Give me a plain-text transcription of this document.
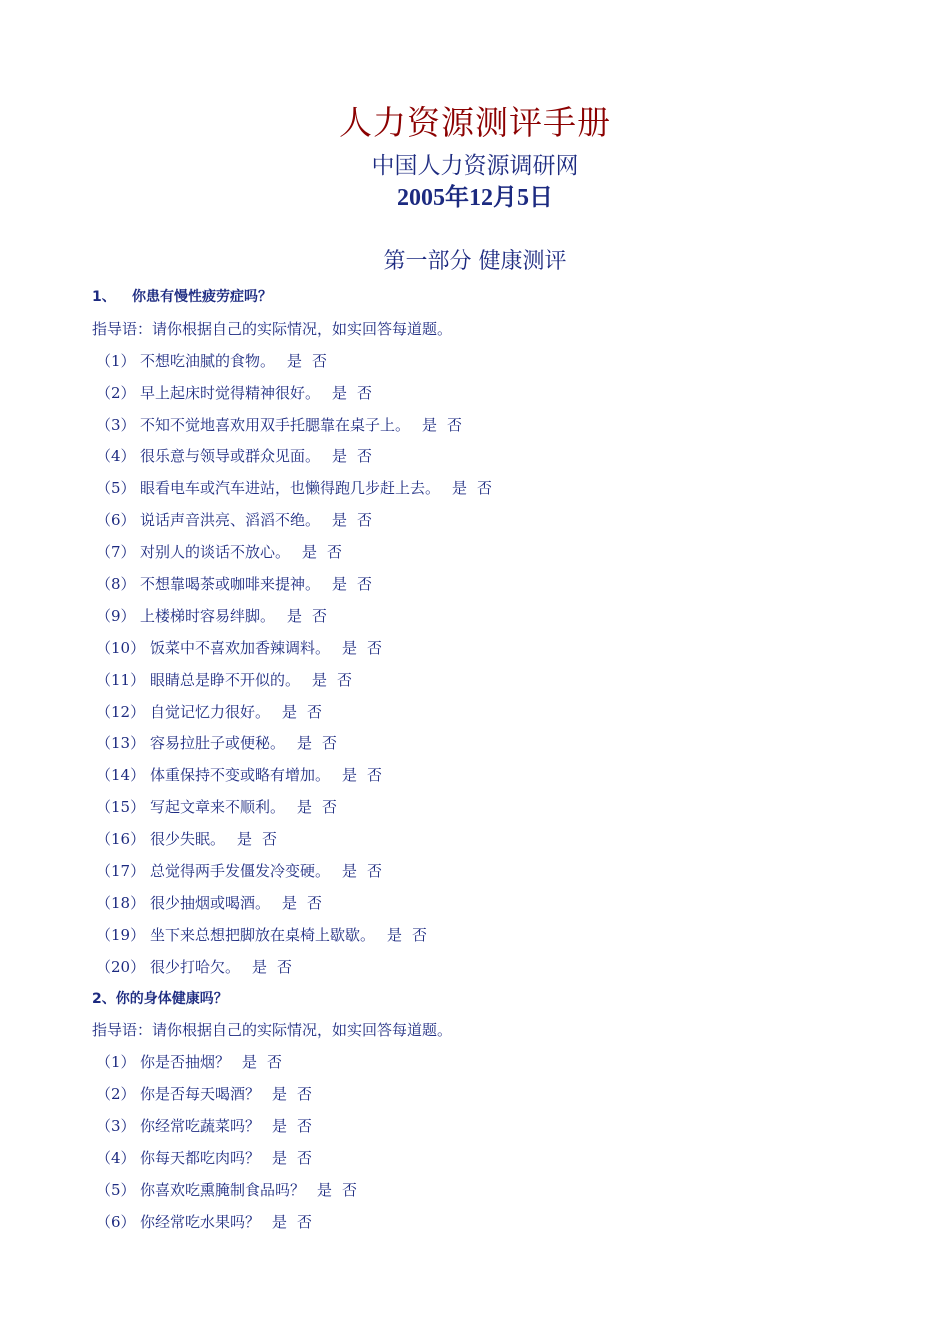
人力资源测评手册
中国人力资源调研网
2005年12月5日
第一部分 健康测评
1、 你患有慢性疲劳症吗？
指导语：请你根据自己的实际情况，如实回答每道题。
（1） 不想吃油腻的食物。 是 否
（2） 早上起床时觉得精神很好。 是 否
（3） 不知不觉地喜欢用双手托腮靠在桌子上。 是 否
（4） 很乐意与领导或群众见面。 是 否
（5） 眼看电车或汽车进站，也懒得跑几步赶上去。 是 否
（6） 说话声音洪亮、滔滔不绝。 是 否
（7） 对别人的谈话不放心。 是 否
（8） 不想靠喝茶或咖啡来提神。 是 否
（9） 上楼梯时容易绊脚。 是 否
（10） 饭菜中不喜欢加香辣调料。 是 否
（11） 眼睛总是睁不开似的。 是 否
（12） 自觉记忆力很好。 是 否
（13） 容易拉肚子或便秘。 是 否
（14） 体重保持不变或略有增加。 是 否
（15） 写起文章来不顺利。 是 否
（16） 很少失眠。 是 否
（17） 总觉得两手发僵发冷变硬。 是 否
（18） 很少抽烟或喝酒。 是 否
（19） 坐下来总想把脚放在桌椅上歇歇。 是 否
（20） 很少打哈欠。 是 否
2、你的身体健康吗？
指导语：请你根据自己的实际情况，如实回答每道题。
（1） 你是否抽烟？ 是 否
（2） 你是否每天喝酒？ 是 否
（3） 你经常吃蔬菜吗？ 是 否
（4） 你每天都吃肉吗？ 是 否
（5） 你喜欢吃熏腌制食品吗？ 是 否
（6） 你经常吃水果吗？ 是 否
